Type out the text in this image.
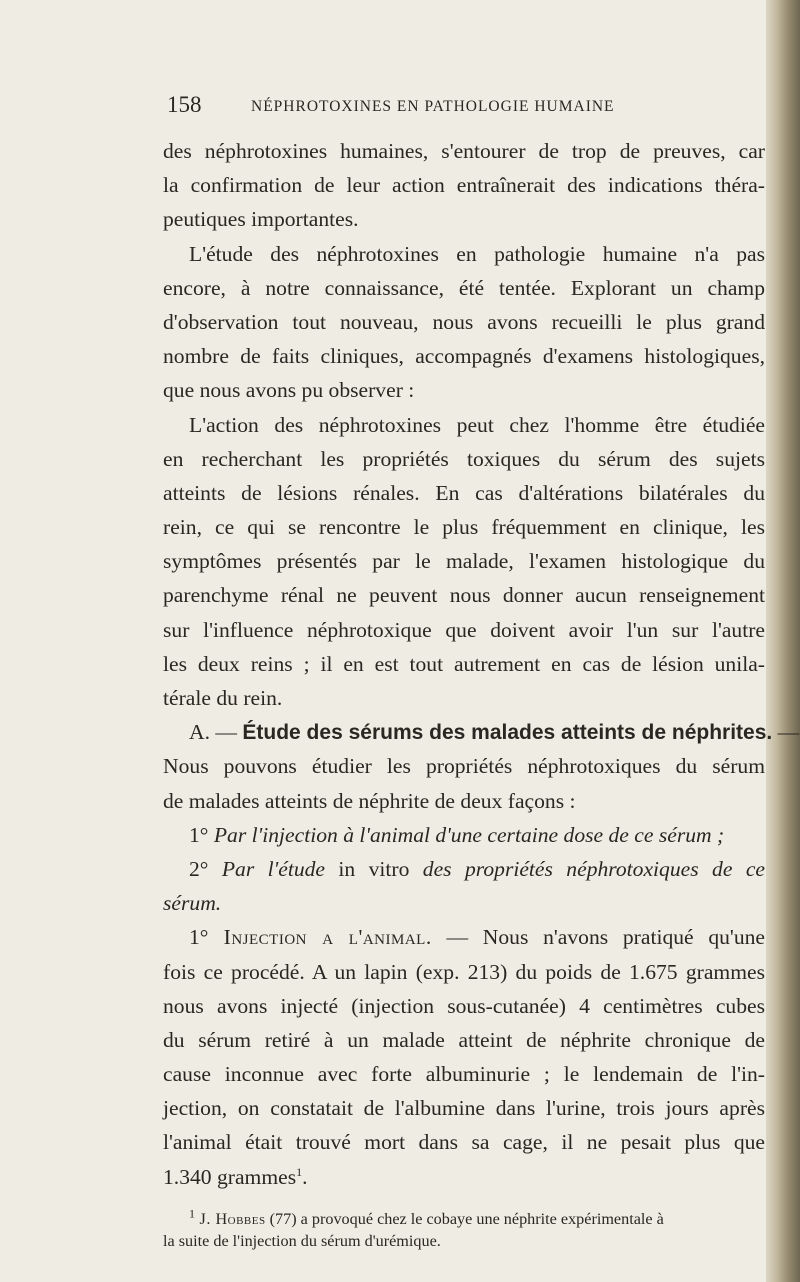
158	NÉPHROTOXINES EN PATHOLOGIE HUMAINE
des néphrotoxines humaines, s'entourer de trop de preuves, car
la confirmation de leur action entraînerait des indications théra-
peutiques importantes.
L'étude des néphrotoxines en pathologie humaine n'a pas
encore, à notre connaissance, été tentée. Explorant un champ
d'observation tout nouveau, nous avons recueilli le plus grand
nombre de faits cliniques, accompagnés d'examens histologiques,
que nous avons pu observer :
L'action des néphrotoxines peut chez l'homme être étudiée
en recherchant les propriétés toxiques du sérum des sujets
atteints de lésions rénales. En cas d'altérations bilatérales du
rein, ce qui se rencontre le plus fréquemment en clinique, les
symptômes présentés par le malade, l'examen histologique du
parenchyme rénal ne peuvent nous donner aucun renseignement
sur l'influence néphrotoxique que doivent avoir l'un sur l'autre
les deux reins ; il en est tout autrement en cas de lésion unila-
térale du rein.
A. — Étude des sérums des malades atteints de néphrites. —
Nous pouvons étudier les propriétés néphrotoxiques du sérum
de malades atteints de néphrite de deux façons :
1° Par l'injection à l'animal d'une certaine dose de ce sérum ;
2° Par l'étude in vitro des propriétés néphrotoxiques de ce
sérum.
1° Injection a l'animal. — Nous n'avons pratiqué qu'une
fois ce procédé. A un lapin (exp. 213) du poids de 1.675 grammes
nous avons injecté (injection sous-cutanée) 4 centimètres cubes
du sérum retiré à un malade atteint de néphrite chronique de
cause inconnue avec forte albuminurie ; le lendemain de l'in-
jection, on constatait de l'albumine dans l'urine, trois jours après
l'animal était trouvé mort dans sa cage, il ne pesait plus que
1.340 grammes$^1$.
$^1$ J. Hobbes (77) a provoqué chez le cobaye une néphrite expérimentale à
la suite de l'injection du sérum d'urémique.
